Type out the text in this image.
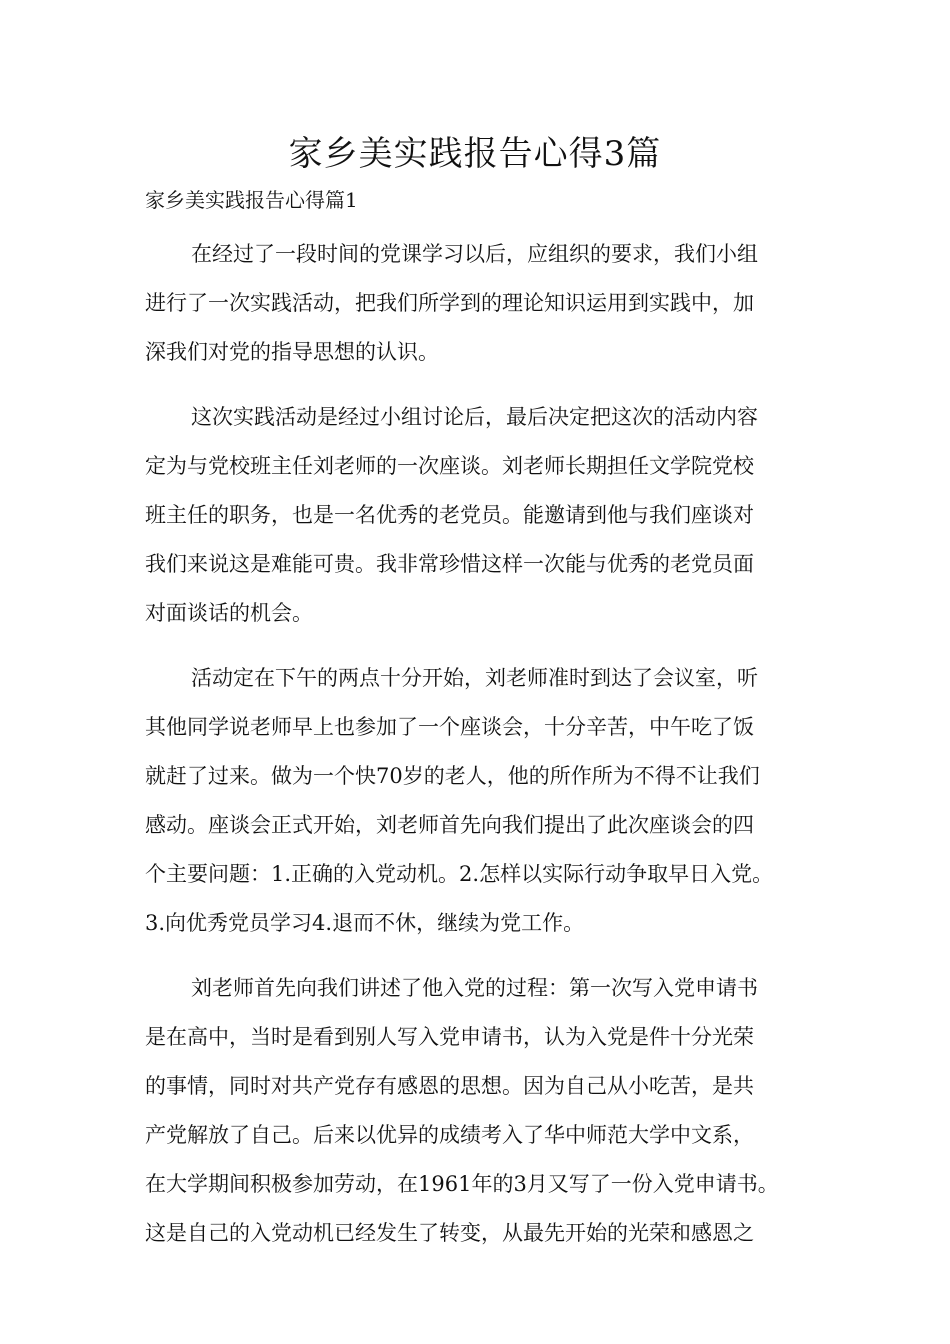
家乡美实践报告心得3篇

家乡美实践报告心得篇1

在经过了一段时间的党课学习以后，应组织的要求，我们小组
进行了一次实践活动，把我们所学到的理论知识运用到实践中，加
深我们对党的指导思想的认识。

这次实践活动是经过小组讨论后，最后决定把这次的活动内容
定为与党校班主任刘老师的一次座谈。刘老师长期担任文学院党校
班主任的职务，也是一名优秀的老党员。能邀请到他与我们座谈对
我们来说这是难能可贵。我非常珍惜这样一次能与优秀的老党员面
对面谈话的机会。

活动定在下午的两点十分开始，刘老师准时到达了会议室，听
其他同学说老师早上也参加了一个座谈会，十分辛苦，中午吃了饭
就赶了过来。做为一个快70岁的老人，他的所作所为不得不让我们
感动。座谈会正式开始，刘老师首先向我们提出了此次座谈会的四
个主要问题：1.正确的入党动机。2.怎样以实际行动争取早日入党。
3.向优秀党员学习4.退而不休，继续为党工作。

刘老师首先向我们讲述了他入党的过程：第一次写入党申请书
是在高中，当时是看到别人写入党申请书，认为入党是件十分光荣
的事情，同时对共产党存有感恩的思想。因为自己从小吃苦，是共
产党解放了自己。后来以优异的成绩考入了华中师范大学中文系，
在大学期间积极参加劳动，在1961年的3月又写了一份入党申请书。
这是自己的入党动机已经发生了转变，从最先开始的光荣和感恩之
